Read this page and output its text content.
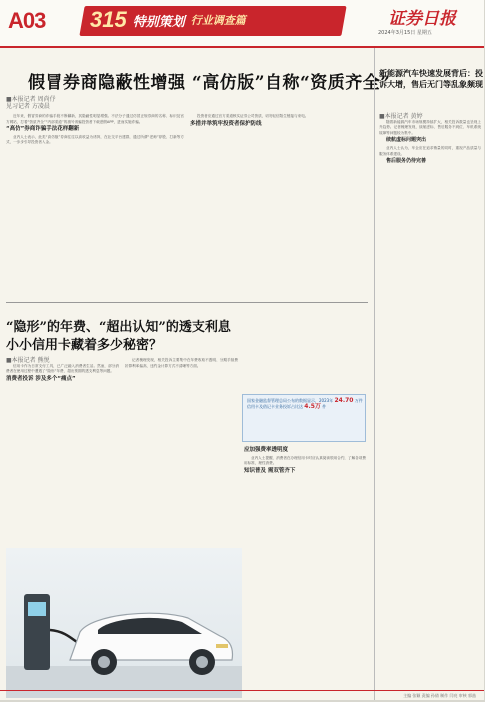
A03 315 特别策划 行业调查篇	证券日报
2024年3月15日 星期五
假冒券商隐蔽性增强 “高仿版”自称“资质齐全”
■本报记者 周尚伃
见习记者 方凌晨

近年来，假冒券商的诈骗手段不断翻新，其隐蔽性明显增强。不法分子通过仿冒正规券商的名称、标识及官方网站，打着“资质齐全”“内部渠道”的旗号诱骗投资者下载虚假APP，进而实施诈骗。

“高仿”券商诈骗手法花样翻新

业内人士表示，此类“高仿版”券商往往以高收益为诱饵，在社交平台建群，通过所谓“老师”荐股、打新等方式，一步步引导投资者入金。

投资者应通过官方渠道核实证券公司资质，切勿轻信陌生链接与来电。

多措并举筑牢投资者保护防线

“隐形”的年费、“超出认知”的透支利息
小小信用卡藏着多少秘密？
■本报记者 熊悦

信用卡作为日常支付工具，已广泛融入消费者生活。然而，部分消费者在使用过程中遭遇了“隐形”年费、超出预期的透支利息等问题。

消费者投诉 涉及多个“痛点”

记者梳理发现，相关投诉主要集中在年费收取不透明、分期手续费折算利率偏高、违约金计算方式不清晰等方面。

国家金融监督管理总局公布的数据显示，2023年 24.70 万件
信用卡及借记卡业务投诉占比达 4.5万 件

应加强费率透明度

业内人士提醒，消费者在办理信用卡时应认真阅读领用合约，了解各项费用标准，理性消费。

知识普及 需双管齐下

新能源汽车快速发展背后：投诉大增，售后无门等乱象频现
■本报记者 黄婷

随着新能源汽车市场规模持续扩大，相关投诉数量也呈现上升趋势。记者梳理发现，续航虚标、售后服务不到位、车机系统故障等问题较为集中。

续航虚标问题突出

业内人士认为，车企应在追求销量的同时，重视产品质量与服务体系建设。

售后服务仍待完善

主编 张颖 责编 孙倩 制作 闫亮 审核 郭喆
